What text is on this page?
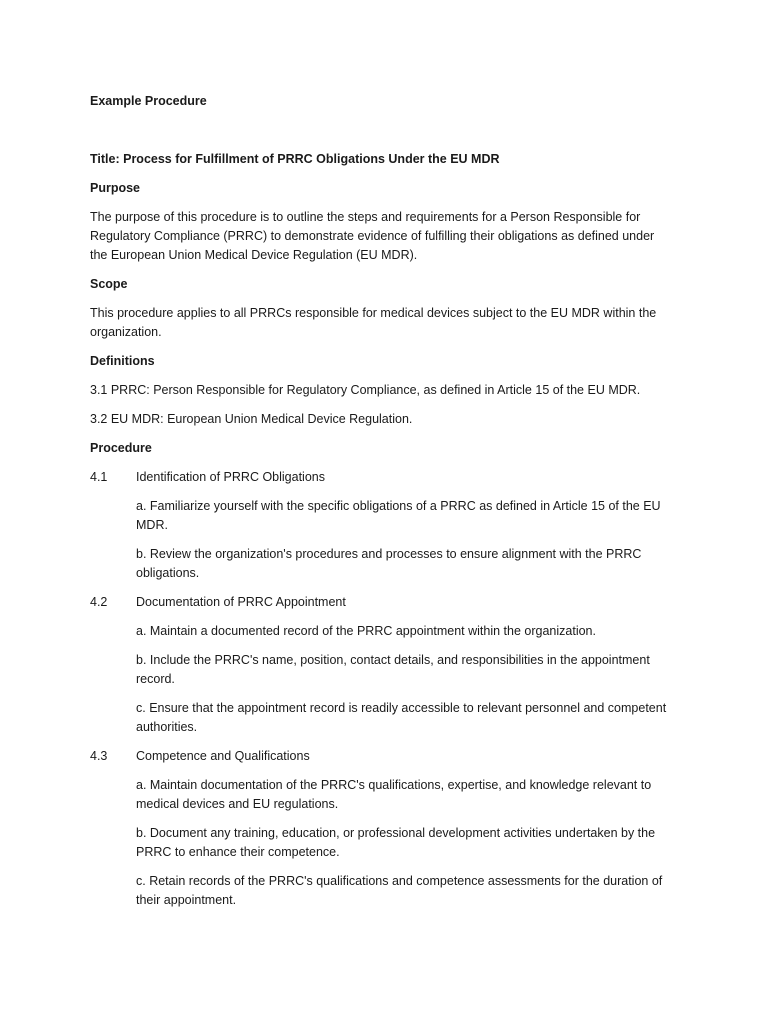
Example Procedure
Title: Process for Fulfillment of PRRC Obligations Under the EU MDR
Purpose
The purpose of this procedure is to outline the steps and requirements for a Person Responsible for
Regulatory Compliance (PRRC) to demonstrate evidence of fulfilling their obligations as defined under
the European Union Medical Device Regulation (EU MDR).
Scope
This procedure applies to all PRRCs responsible for medical devices subject to the EU MDR within the
organization.
Definitions
3.1 PRRC: Person Responsible for Regulatory Compliance, as defined in Article 15 of the EU MDR.
3.2 EU MDR: European Union Medical Device Regulation.
Procedure
4.1 Identification of PRRC Obligations
a. Familiarize yourself with the specific obligations of a PRRC as defined in Article 15 of the EU
MDR.
b. Review the organization's procedures and processes to ensure alignment with the PRRC
obligations.
4.2 Documentation of PRRC Appointment
a. Maintain a documented record of the PRRC appointment within the organization.
b. Include the PRRC's name, position, contact details, and responsibilities in the appointment
record.
c. Ensure that the appointment record is readily accessible to relevant personnel and competent
authorities.
4.3 Competence and Qualifications
a. Maintain documentation of the PRRC's qualifications, expertise, and knowledge relevant to
medical devices and EU regulations.
b. Document any training, education, or professional development activities undertaken by the
PRRC to enhance their competence.
c. Retain records of the PRRC's qualifications and competence assessments for the duration of
their appointment.
